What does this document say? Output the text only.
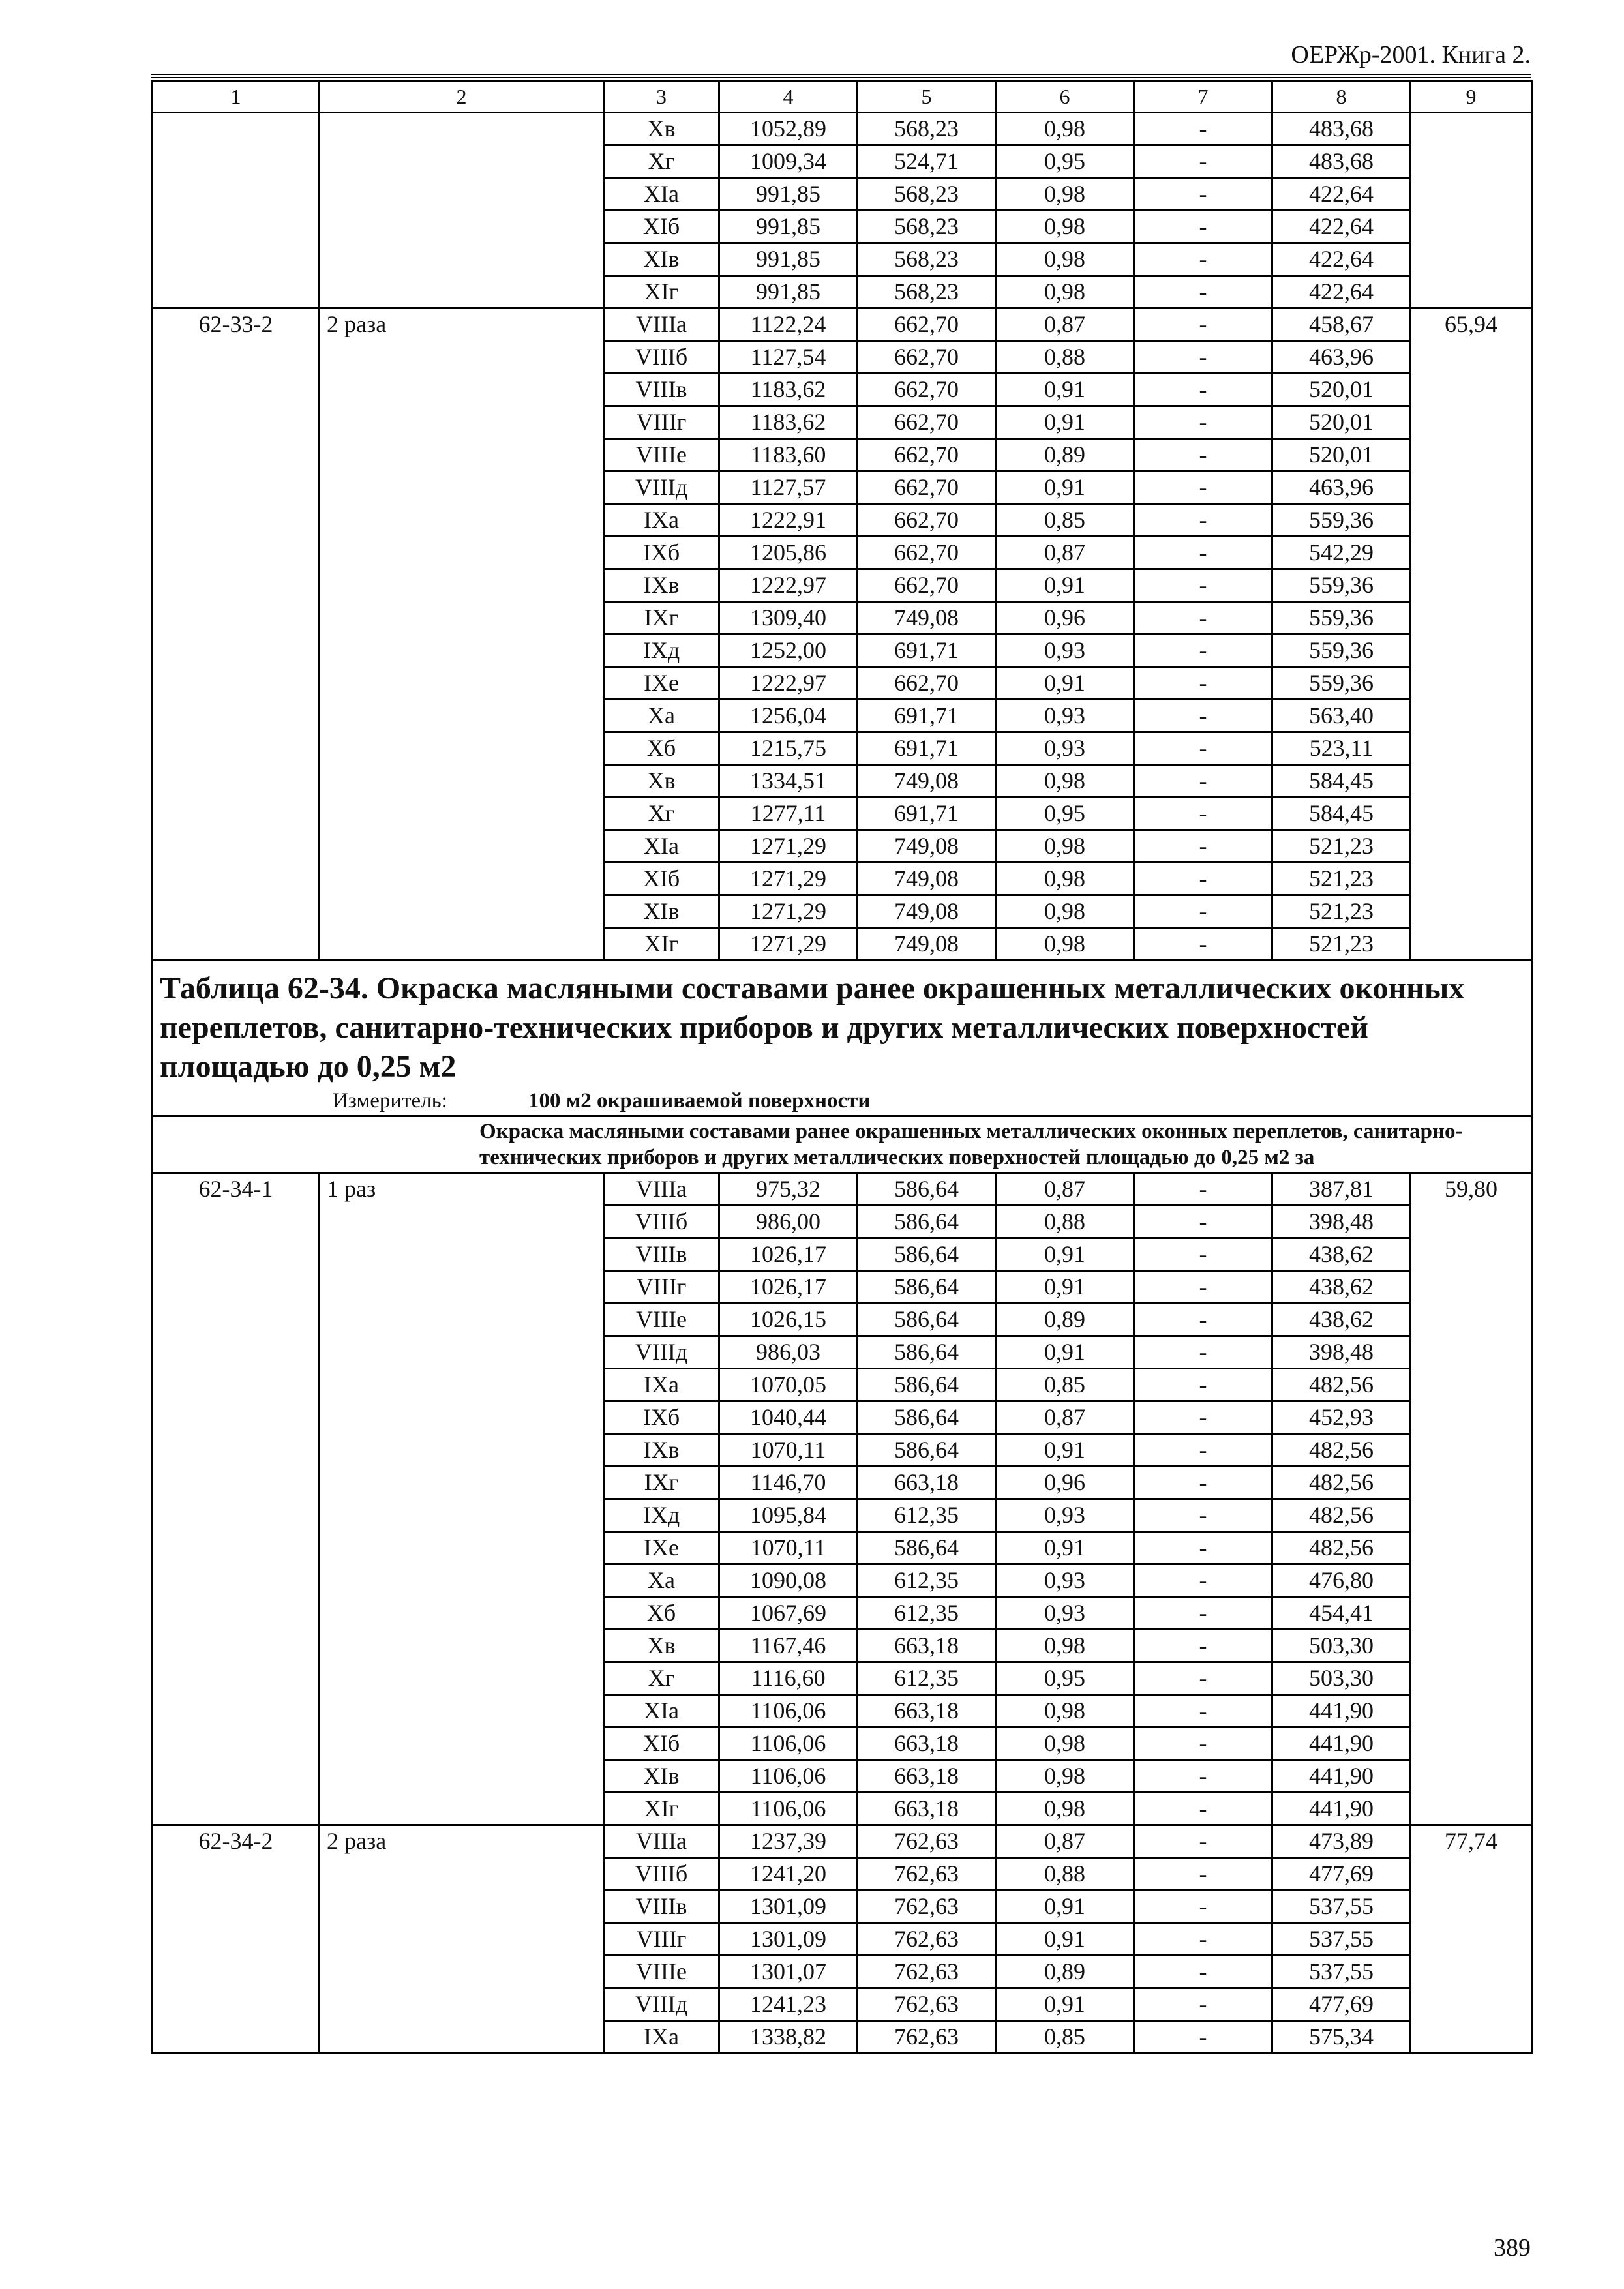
ОЕРЖр-2001. Книга 2.
1	2	3	4	5	6	7	8	9
		Xв	1052,89	568,23	0,98	-	483,68	
		Xг	1009,34	524,71	0,95	-	483,68	
		XIа	991,85	568,23	0,98	-	422,64	
		XIб	991,85	568,23	0,98	-	422,64	
		XIв	991,85	568,23	0,98	-	422,64	
		XIг	991,85	568,23	0,98	-	422,64	
62-33-2	2 раза	VIIIа	1122,24	662,70	0,87	-	458,67	65,94
		VIIIб	1127,54	662,70	0,88	-	463,96	
		VIIIв	1183,62	662,70	0,91	-	520,01	
		VIIIг	1183,62	662,70	0,91	-	520,01	
		VIIIе	1183,60	662,70	0,89	-	520,01	
		VIIIд	1127,57	662,70	0,91	-	463,96	
		IXа	1222,91	662,70	0,85	-	559,36	
		IXб	1205,86	662,70	0,87	-	542,29	
		IXв	1222,97	662,70	0,91	-	559,36	
		IXг	1309,40	749,08	0,96	-	559,36	
		IXд	1252,00	691,71	0,93	-	559,36	
		IXе	1222,97	662,70	0,91	-	559,36	
		Xа	1256,04	691,71	0,93	-	563,40	
		Xб	1215,75	691,71	0,93	-	523,11	
		Xв	1334,51	749,08	0,98	-	584,45	
		Xг	1277,11	691,71	0,95	-	584,45	
		XIа	1271,29	749,08	0,98	-	521,23	
		XIб	1271,29	749,08	0,98	-	521,23	
		XIв	1271,29	749,08	0,98	-	521,23	
		XIг	1271,29	749,08	0,98	-	521,23	

Таблица 62-34. Окраска масляными составами ранее окрашенных металлических оконных переплетов, санитарно-технических приборов и других металлических поверхностей площадью до 0,25 м2
Измеритель: 100 м2 окрашиваемой поверхности								

Окраска масляными составами ранее окрашенных металлических оконных переплетов, санитарно-технических приборов и других металлических поверхностей площадью до 0,25 м2 за								
62-34-1	1 раз	VIIIа	975,32	586,64	0,87	-	387,81	59,80
		VIIIб	986,00	586,64	0,88	-	398,48	
		VIIIв	1026,17	586,64	0,91	-	438,62	
		VIIIг	1026,17	586,64	0,91	-	438,62	
		VIIIе	1026,15	586,64	0,89	-	438,62	
		VIIIд	986,03	586,64	0,91	-	398,48	
		IXа	1070,05	586,64	0,85	-	482,56	
		IXб	1040,44	586,64	0,87	-	452,93	
		IXв	1070,11	586,64	0,91	-	482,56	
		IXг	1146,70	663,18	0,96	-	482,56	
		IXд	1095,84	612,35	0,93	-	482,56	
		IXе	1070,11	586,64	0,91	-	482,56	
		Xа	1090,08	612,35	0,93	-	476,80	
		Xб	1067,69	612,35	0,93	-	454,41	
		Xв	1167,46	663,18	0,98	-	503,30	
		Xг	1116,60	612,35	0,95	-	503,30	
		XIа	1106,06	663,18	0,98	-	441,90	
		XIб	1106,06	663,18	0,98	-	441,90	
		XIв	1106,06	663,18	0,98	-	441,90	
		XIг	1106,06	663,18	0,98	-	441,90	
62-34-2	2 раза	VIIIа	1237,39	762,63	0,87	-	473,89	77,74
		VIIIб	1241,20	762,63	0,88	-	477,69	
		VIIIв	1301,09	762,63	0,91	-	537,55	
		VIIIг	1301,09	762,63	0,91	-	537,55	
		VIIIе	1301,07	762,63	0,89	-	537,55	
		VIIIд	1241,23	762,63	0,91	-	477,69	
		IXа	1338,82	762,63	0,85	-	575,34	
389
